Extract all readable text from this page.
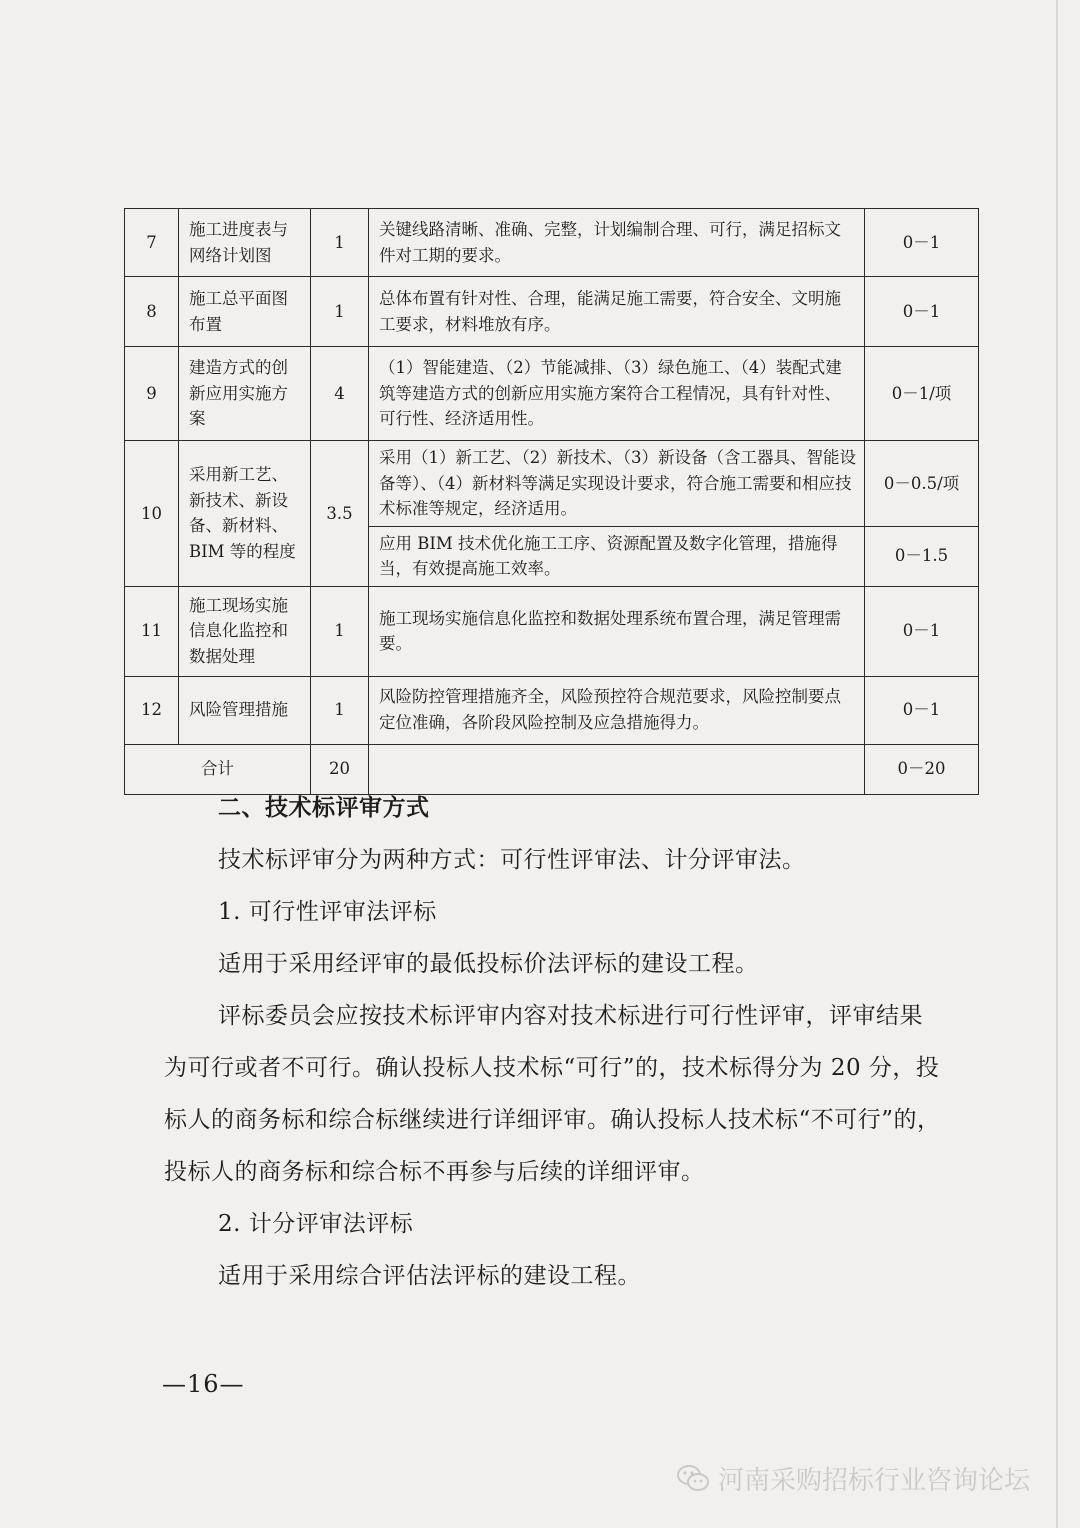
7	施工进度表与网络计划图	1	关键线路清晰、准确、完整，计划编制合理、可行，满足招标文件对工期的要求。	0－1
8	施工总平面图布置	1	总体布置有针对性、合理，能满足施工需要，符合安全、文明施工要求，材料堆放有序。	0－1
9	建造方式的创新应用实施方案	4	（1）智能建造、（2）节能减排、（3）绿色施工、（4）装配式建筑等建造方式的创新应用实施方案符合工程情况，具有针对性、可行性、经济适用性。	0－1/项
10	采用新工艺、新技术、新设备、新材料、BIM 等的程度	3.5	采用（1）新工艺、（2）新技术、（3）新设备（含工器具、智能设备等）、（4）新材料等满足实现设计要求，符合施工需要和相应技术标准等规定，经济适用。	0－0.5/项
			应用 BIM 技术优化施工工序、资源配置及数字化管理，措施得当，有效提高施工效率。	0－1.5
11	施工现场实施信息化监控和数据处理	1	施工现场实施信息化监控和数据处理系统布置合理，满足管理需要。	0－1
12	风险管理措施	1	风险防控管理措施齐全，风险预控符合规范要求，风险控制要点定位准确，各阶段风险控制及应急措施得力。	0－1
合计		20		0－20
二、技术标评审方式
技术标评审分为两种方式：可行性评审法、计分评审法。
1. 可行性评审法评标
适用于采用经评审的最低投标价法评标的建设工程。
评标委员会应按技术标评审内容对技术标进行可行性评审，评审结果为可行或者不可行。确认投标人技术标“可行”的，技术标得分为 20 分，投标人的商务标和综合标继续进行详细评审。确认投标人技术标“不可行”的，投标人的商务标和综合标不再参与后续的详细评审。
2. 计分评审法评标
适用于采用综合评估法评标的建设工程。
—16—
河南采购招标行业咨询论坛
